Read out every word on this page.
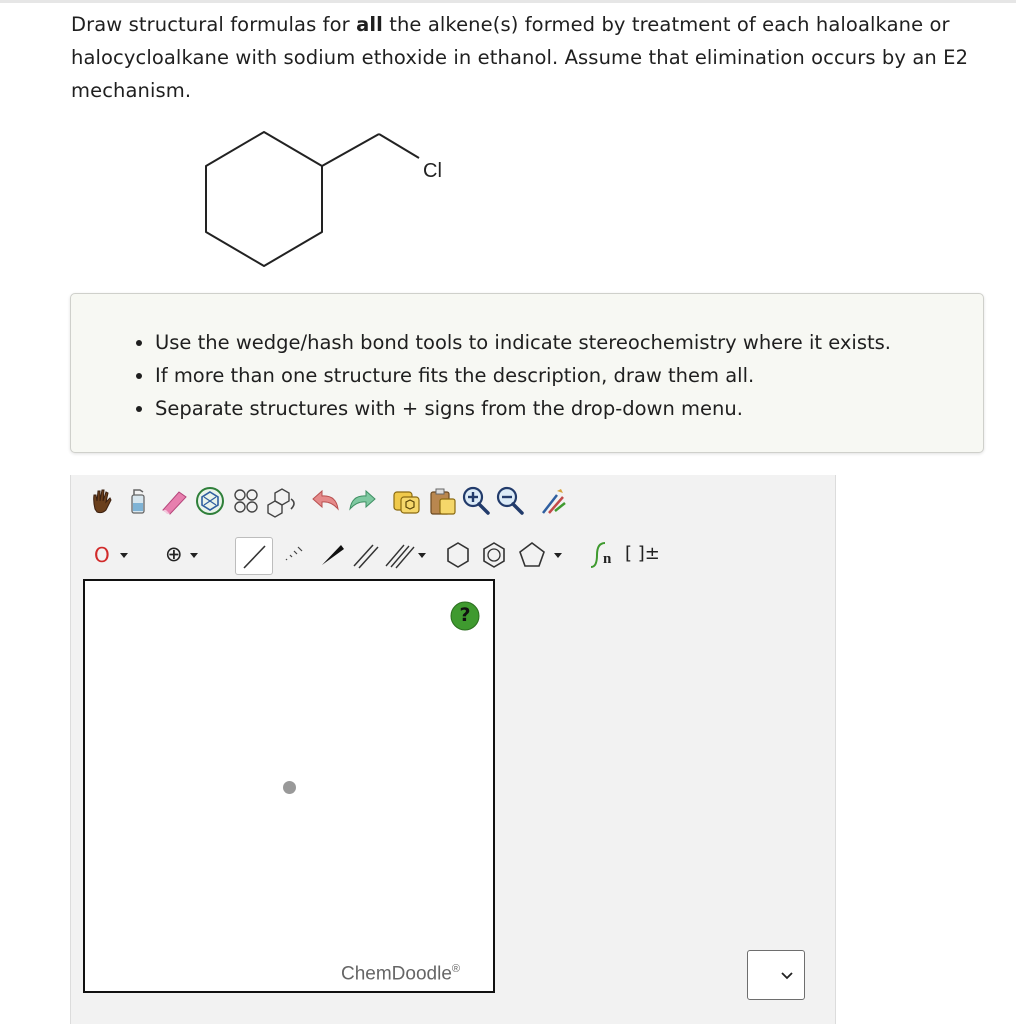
Draw structural formulas for all the alkene(s) formed by treatment of each haloalkane or halocycloalkane with sodium ethoxide in ethanol. Assume that elimination occurs by an E2 mechanism.
Cl
• Use the wedge/hash bond tools to indicate stereochemistry where it exists.
• If more than one structure fits the description, draw them all.
• Separate structures with + signs from the drop-down menu.
O	⊕	n [ ]±
?
ChemDoodle®
